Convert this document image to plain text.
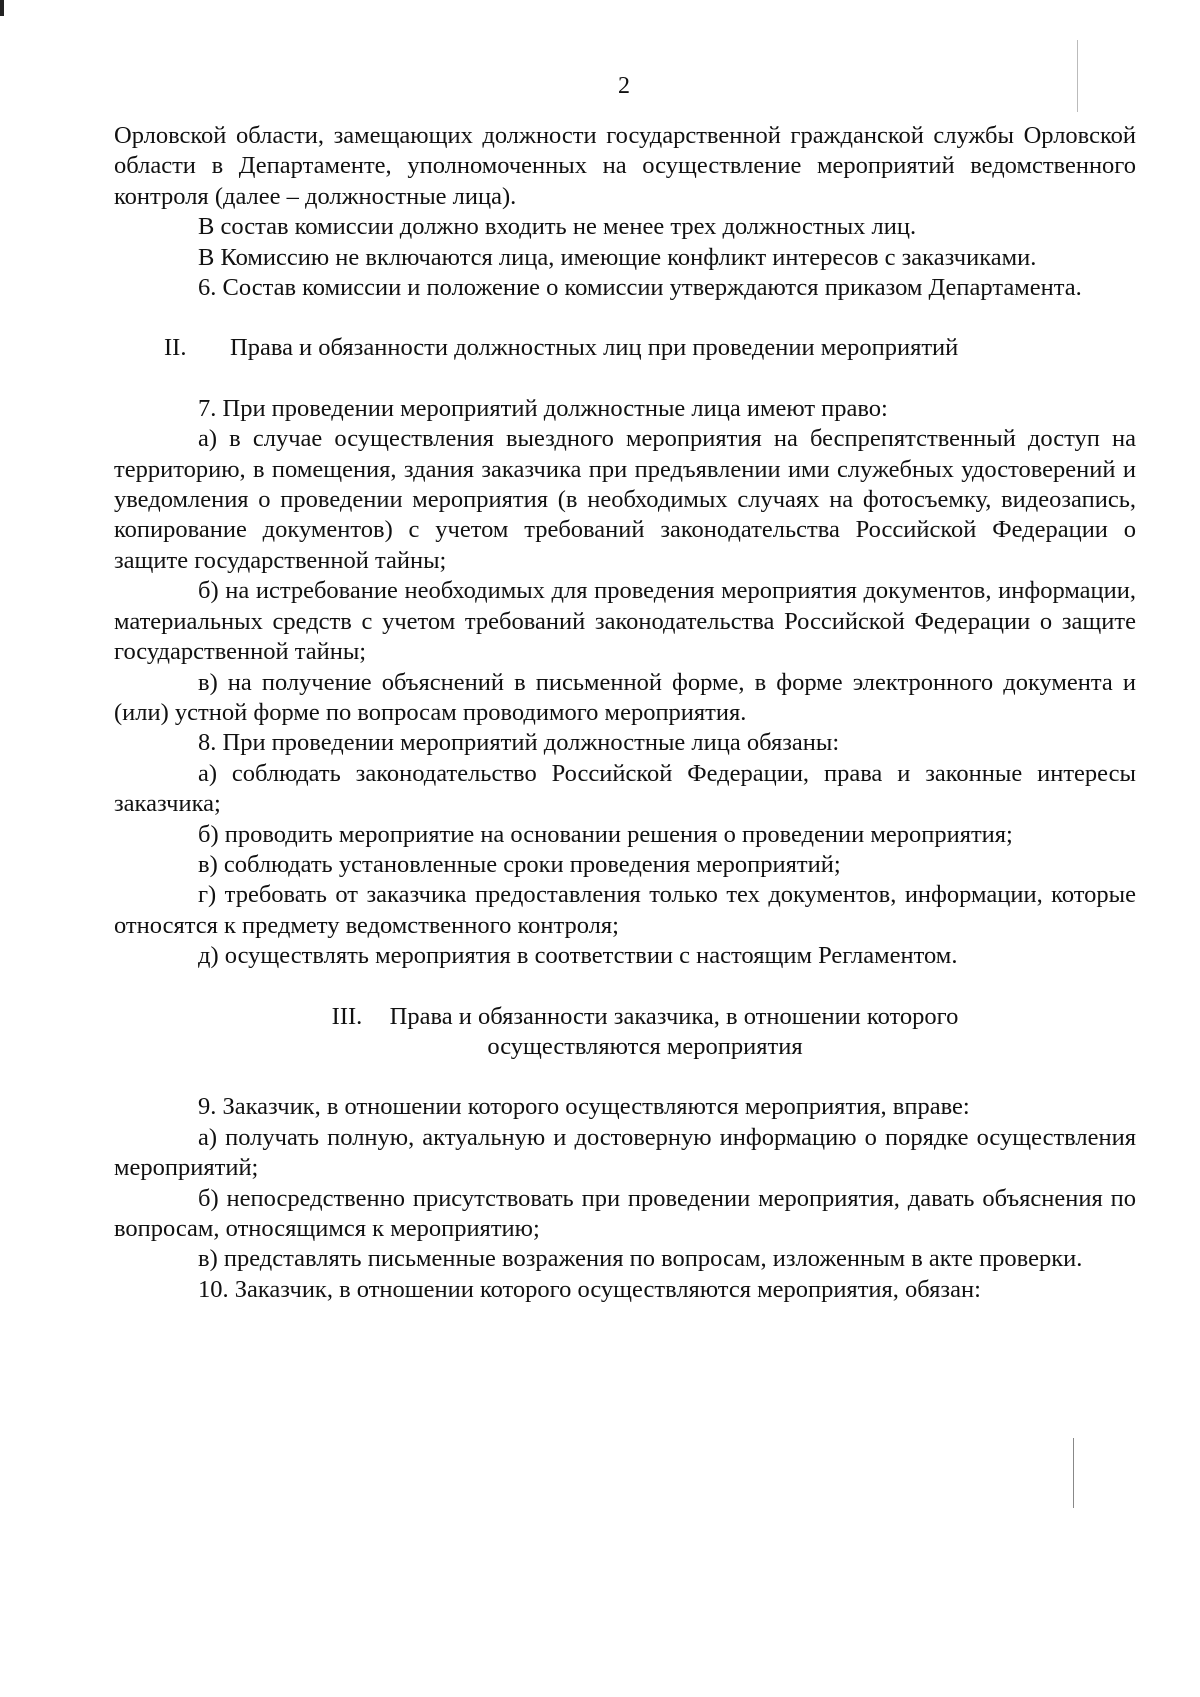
2

Орловской области, замещающих должности государственной гражданской службы Орловской области в Департаменте, уполномоченных на осуществление мероприятий ведомственного контроля (далее – должностные лица).

В состав комиссии должно входить не менее трех должностных лиц.

В Комиссию не включаются лица, имеющие конфликт интересов с заказчиками.

6. Состав комиссии и положение о комиссии утверждаются приказом Департамента.

II. Права и обязанности должностных лиц при проведении мероприятий

7. При проведении мероприятий должностные лица имеют право:

а) в случае осуществления выездного мероприятия на беспрепятственный доступ на территорию, в помещения, здания заказчика при предъявлении ими служебных удостоверений и уведомления о проведении мероприятия (в необходимых случаях на фотосъемку, видеозапись, копирование документов) с учетом требований законодательства Российской Федерации о защите государственной тайны;

б) на истребование необходимых для проведения мероприятия документов, информации, материальных средств с учетом требований законодательства Российской Федерации о защите государственной тайны;

в) на получение объяснений в письменной форме, в форме электронного документа и (или) устной форме по вопросам проводимого мероприятия.

8. При проведении мероприятий должностные лица обязаны:

а) соблюдать законодательство Российской Федерации, права и законные интересы заказчика;

б) проводить мероприятие на основании решения о проведении мероприятия;

в) соблюдать установленные сроки проведения мероприятий;

г) требовать от заказчика предоставления только тех документов, информации, которые относятся к предмету ведомственного контроля;

д) осуществлять мероприятия в соответствии с настоящим Регламентом.

III. Права и обязанности заказчика, в отношении которого
осуществляются мероприятия

9. Заказчик, в отношении которого осуществляются мероприятия, вправе:

а) получать полную, актуальную и достоверную информацию о порядке осуществления мероприятий;

б) непосредственно присутствовать при проведении мероприятия, давать объяснения по вопросам, относящимся к мероприятию;

в) представлять письменные возражения по вопросам, изложенным в акте проверки.

10. Заказчик, в отношении которого осуществляются мероприятия, обязан:
